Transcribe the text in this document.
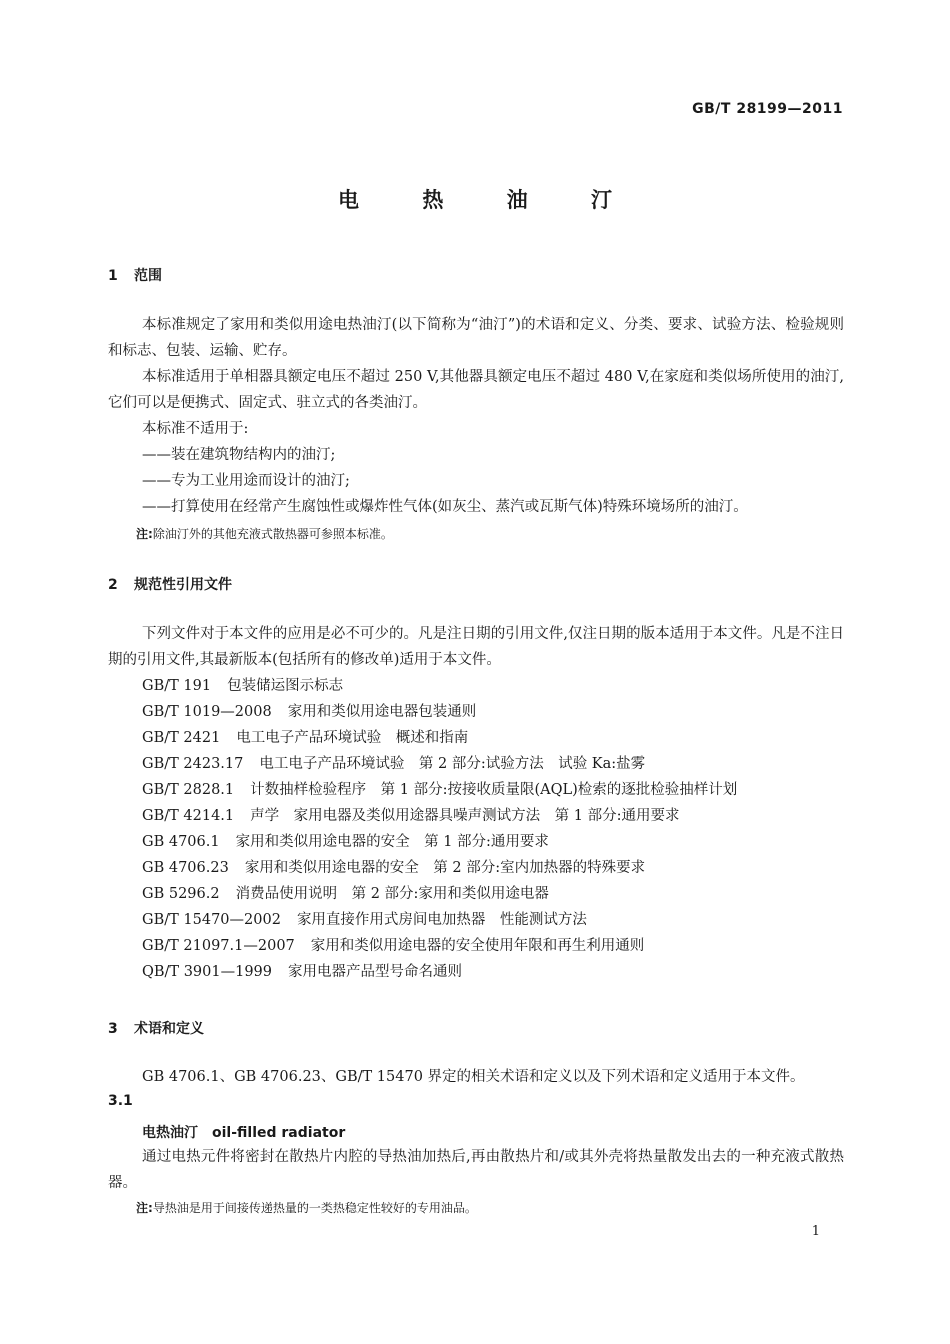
GB/T 28199—2011
电 热 油 汀
1 范围

本标准规定了家用和类似用途电热油汀(以下简称为“油汀”)的术语和定义、分类、要求、试验方法、检验规则和标志、包装、运输、贮存。

本标准适用于单相器具额定电压不超过 250 V,其他器具额定电压不超过 480 V,在家庭和类似场所使用的油汀,它们可以是便携式、固定式、驻立式的各类油汀。

本标准不适用于:
——装在建筑物结构内的油汀;
——专为工业用途而设计的油汀;
——打算使用在经常产生腐蚀性或爆炸性气体(如灰尘、蒸汽或瓦斯气体)特殊环境场所的油汀。
注:除油汀外的其他充液式散热器可参照本标准。
2 规范性引用文件

下列文件对于本文件的应用是必不可少的。凡是注日期的引用文件,仅注日期的版本适用于本文件。凡是不注日期的引用文件,其最新版本(包括所有的修改单)适用于本文件。

GB/T 191 包装储运图示标志
GB/T 1019—2008 家用和类似用途电器包装通则
GB/T 2421 电工电子产品环境试验　概述和指南
GB/T 2423.17 电工电子产品环境试验　第 2 部分:试验方法　试验 Ka:盐雾
GB/T 2828.1 计数抽样检验程序　第 1 部分:按接收质量限(AQL)检索的逐批检验抽样计划
GB/T 4214.1 声学　家用电器及类似用途器具噪声测试方法　第 1 部分:通用要求
GB 4706.1 家用和类似用途电器的安全　第 1 部分:通用要求
GB 4706.23 家用和类似用途电器的安全　第 2 部分:室内加热器的特殊要求
GB 5296.2 消费品使用说明　第 2 部分:家用和类似用途电器
GB/T 15470—2002 家用直接作用式房间电加热器　性能测试方法
GB/T 21097.1—2007 家用和类似用途电器的安全使用年限和再生利用通则
QB/T 3901—1999 家用电器产品型号命名通则
3 术语和定义

GB 4706.1、GB 4706.23、GB/T 15470 界定的相关术语和定义以及下列术语和定义适用于本文件。

3.1
电热油汀 oil-filled radiator

通过电热元件将密封在散热片内腔的导热油加热后,再由散热片和/或其外壳将热量散发出去的一种充液式散热器。

注:导热油是用于间接传递热量的一类热稳定性较好的专用油品。
1
